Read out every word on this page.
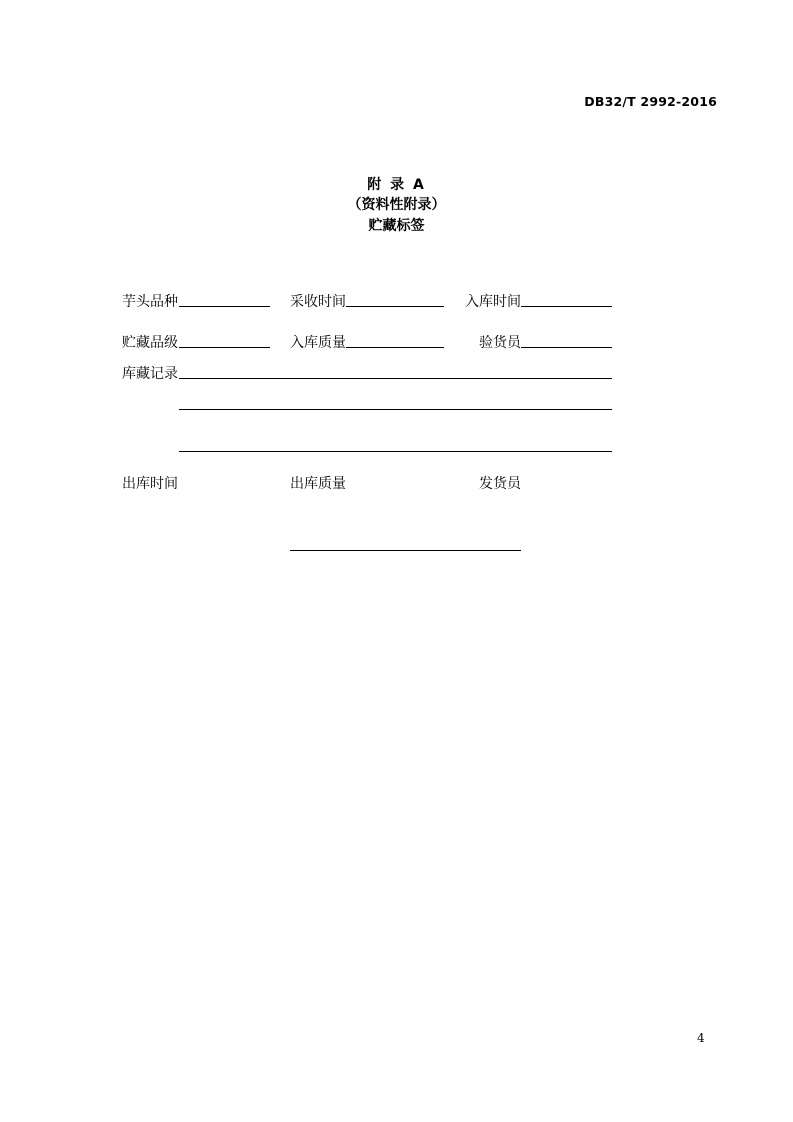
DB32/T 2992-2016
附 录 A
（资料性附录）
贮藏标签
芋头品种	采收时间	入库时间
贮藏品级	入库质量	验货员
库藏记录
出库时间	出库质量	发货员
4
